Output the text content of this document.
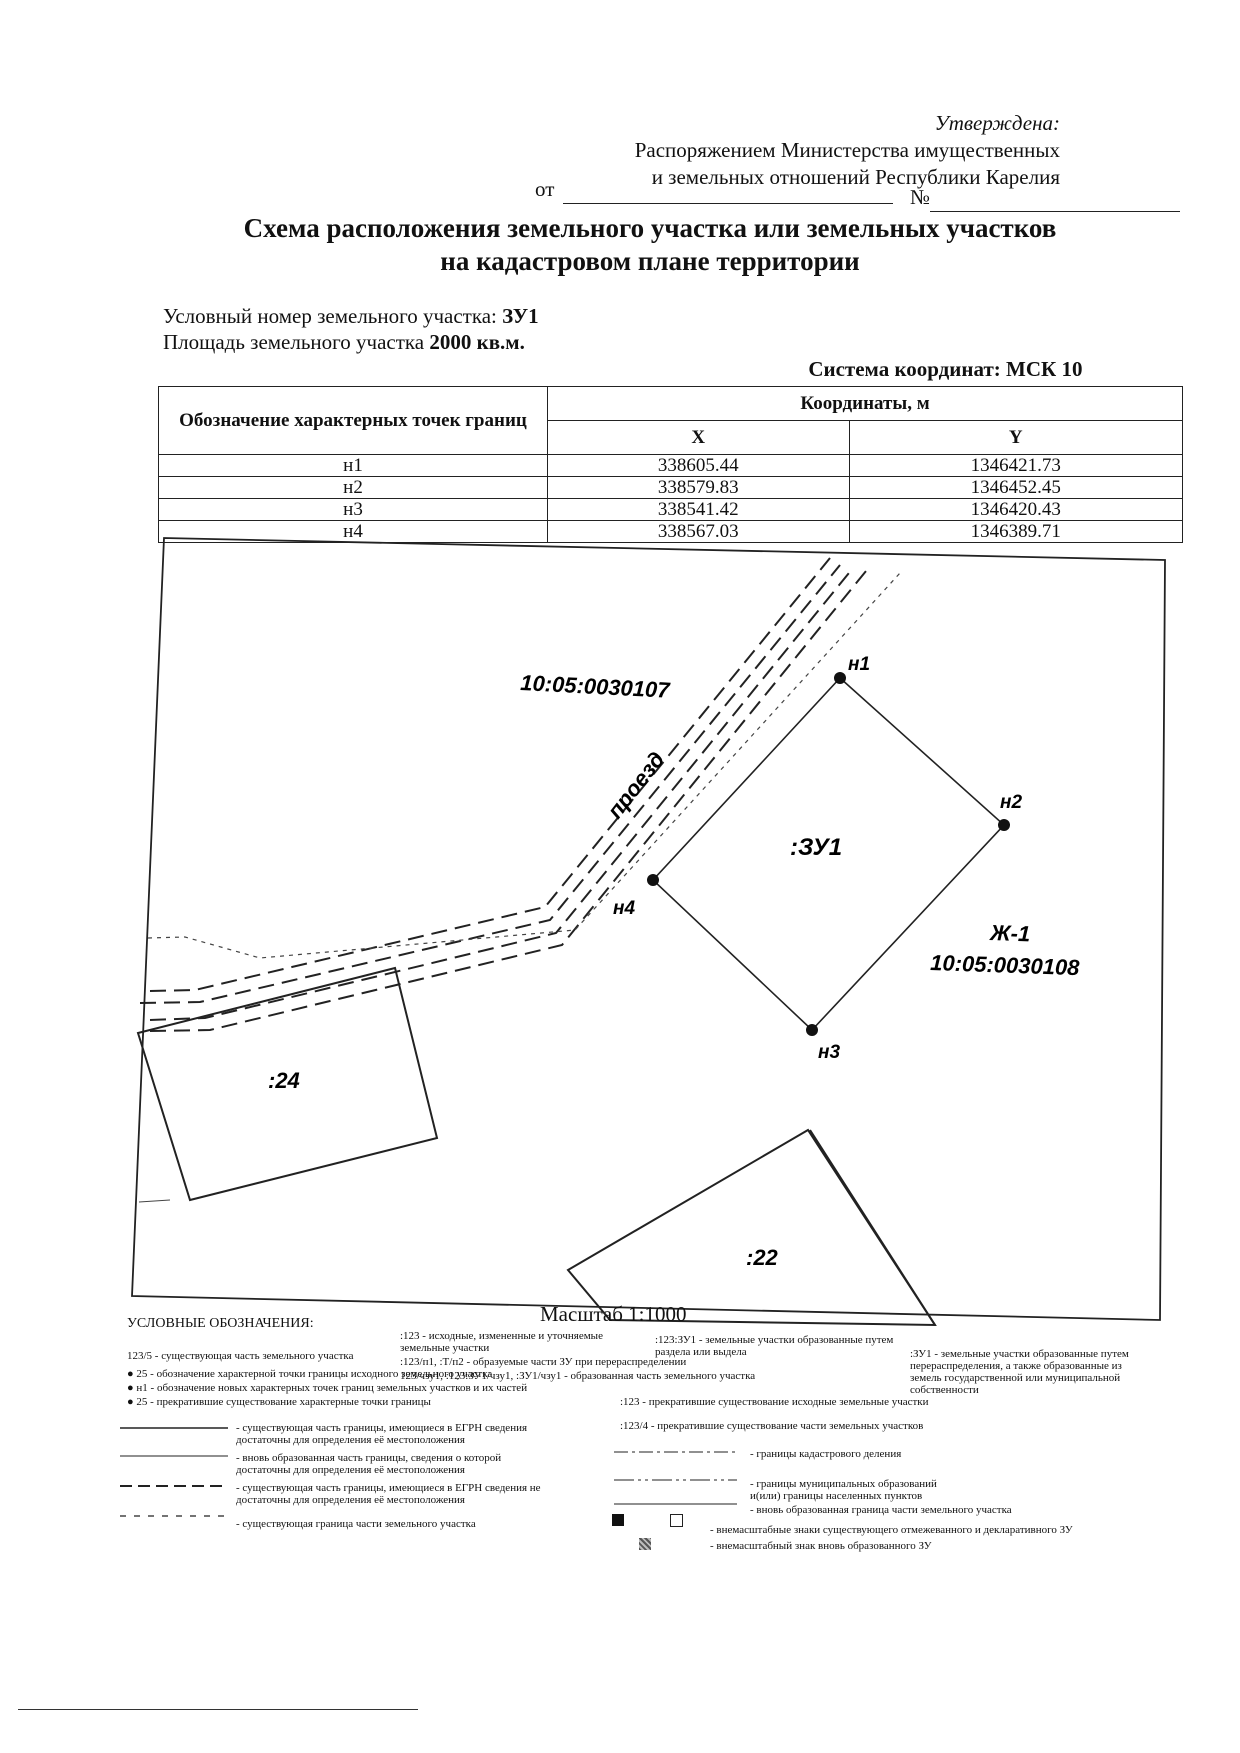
Утверждена:
Распоряжением Министерства имущественных
и земельных отношений Республики Карелия
от	№
Схема расположения земельного участка или земельных участков
на кадастровом плане территории
Условный номер земельного участка: ЗУ1
Площадь земельного участка 2000 кв.м.
	Система координат: МСК 10	
Обозначение характерных точек границ	Координаты, м	
	X	Y
н1	338605.44	1346421.73
н2	338579.83	1346452.45
н3	338541.42	1346420.43
н4	338567.03	1346389.71
10:05:0030107
проезд
:ЗУ1
Ж-1
10:05:0030108
:24
:22
н1
н2
н3
н4
Масштаб 1:1000
УСЛОВНЫЕ ОБОЗНАЧЕНИЯ:
123/5 - существующая часть земельного участка
● 25 - обозначение характерной точки границы исходного земельного участка
● н1 - обозначение новых характерных точек границ земельных участков и их частей
● 25 - прекратившие существование характерные точки границы
- существующая часть границы, имеющиеся в ЕГРН сведения достаточны для определения её местоположения
- вновь образованная часть границы, сведения о которой достаточны для определения её местоположения
- существующая часть границы, имеющиеся в ЕГРН сведения не достаточны для определения её местоположения
- существующая граница части земельного участка
:123 - исходные, измененные и уточняемые земельные участки
:123/п1, :Т/п2 - образуемые части ЗУ при перераспределении
123/чзу1, :123:ЗУ1/чзу1, :ЗУ1/чзу1 - образованная часть земельного участка
:123:ЗУ1 - земельные участки образованные путем раздела или выдела	:ЗУ1 - земельные участки образованные путем перераспределения, а также образованные из земель государственной или муниципальной собственности
:123 - прекратившие существование исходные земельные участки
:123/4 - прекратившие существование части земельных участков
- границы кадастрового деления
- границы муниципальных образований и(или) границы населенных пунктов
- вновь образованная граница части земельного участка
- внемасштабные знаки существующего отмежеванного и декларативного ЗУ
- внемасштабный знак вновь образованного ЗУ
